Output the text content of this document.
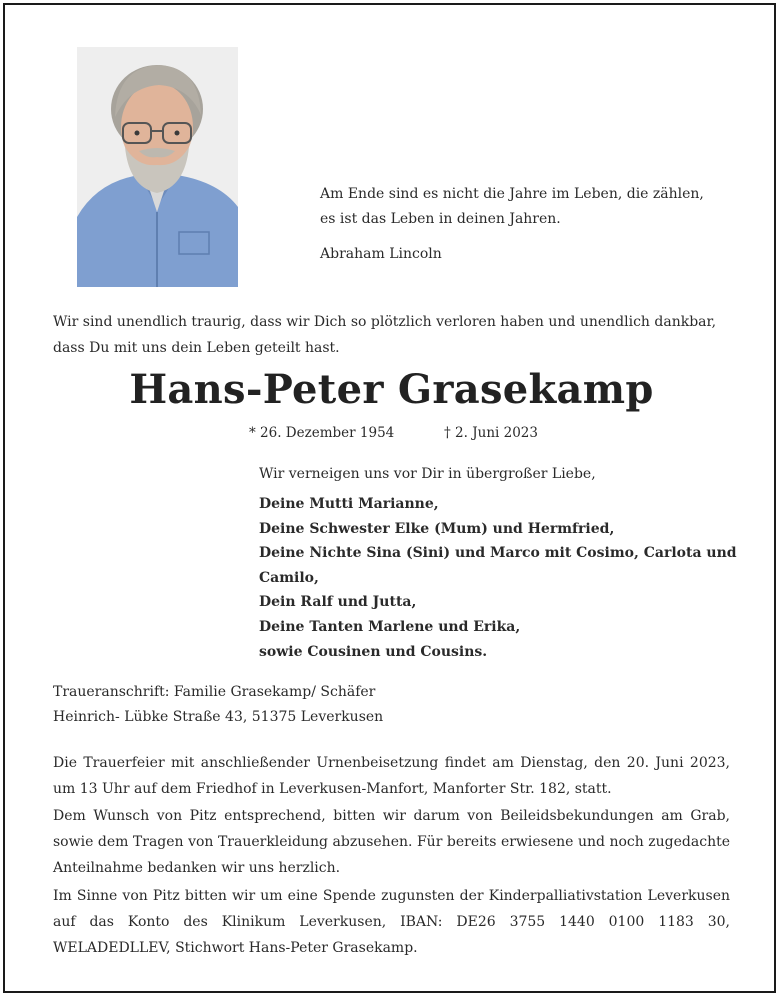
Am Ende sind es nicht die Jahre im Leben, die zählen, es ist das Leben in deinen Jahren.
Abraham Lincoln
Wir sind unendlich traurig, dass wir Dich so plötzlich verloren haben und unendlich dankbar, dass Du mit uns dein Leben geteilt hast.
Hans-Peter Grasekamp
* 26. Dezember 1954	† 2. Juni 2023
Wir verneigen uns vor Dir in übergroßer Liebe,
Deine Mutti Marianne,
Deine Schwester Elke (Mum) und Hermfried,
Deine Nichte Sina (Sini) und Marco mit Cosimo, Carlota und Camilo,
Dein Ralf und Jutta,
Deine Tanten Marlene und Erika,
sowie Cousinen und Cousins.
Traueranschrift: Familie Grasekamp/ Schäfer
Heinrich- Lübke Straße 43, 51375 Leverkusen
Die Trauerfeier mit anschließender Urnenbeisetzung findet am Dienstag, den 20. Juni 2023, um 13 Uhr auf dem Friedhof in Leverkusen-Manfort, Manforter Str. 182, statt.
Dem Wunsch von Pitz entsprechend, bitten wir darum von Beileidsbekundungen am Grab, sowie dem Tragen von Trauerkleidung abzusehen. Für bereits erwiesene und noch zugedachte Anteilnahme bedanken wir uns herzlich.
Im Sinne von Pitz bitten wir um eine Spende zugunsten der Kinderpalliativstation Leverkusen auf das Konto des Klinikum Leverkusen, IBAN: DE26 3755 1440 0100 1183 30, WELADEDLLEV, Stichwort Hans-Peter Grasekamp.
